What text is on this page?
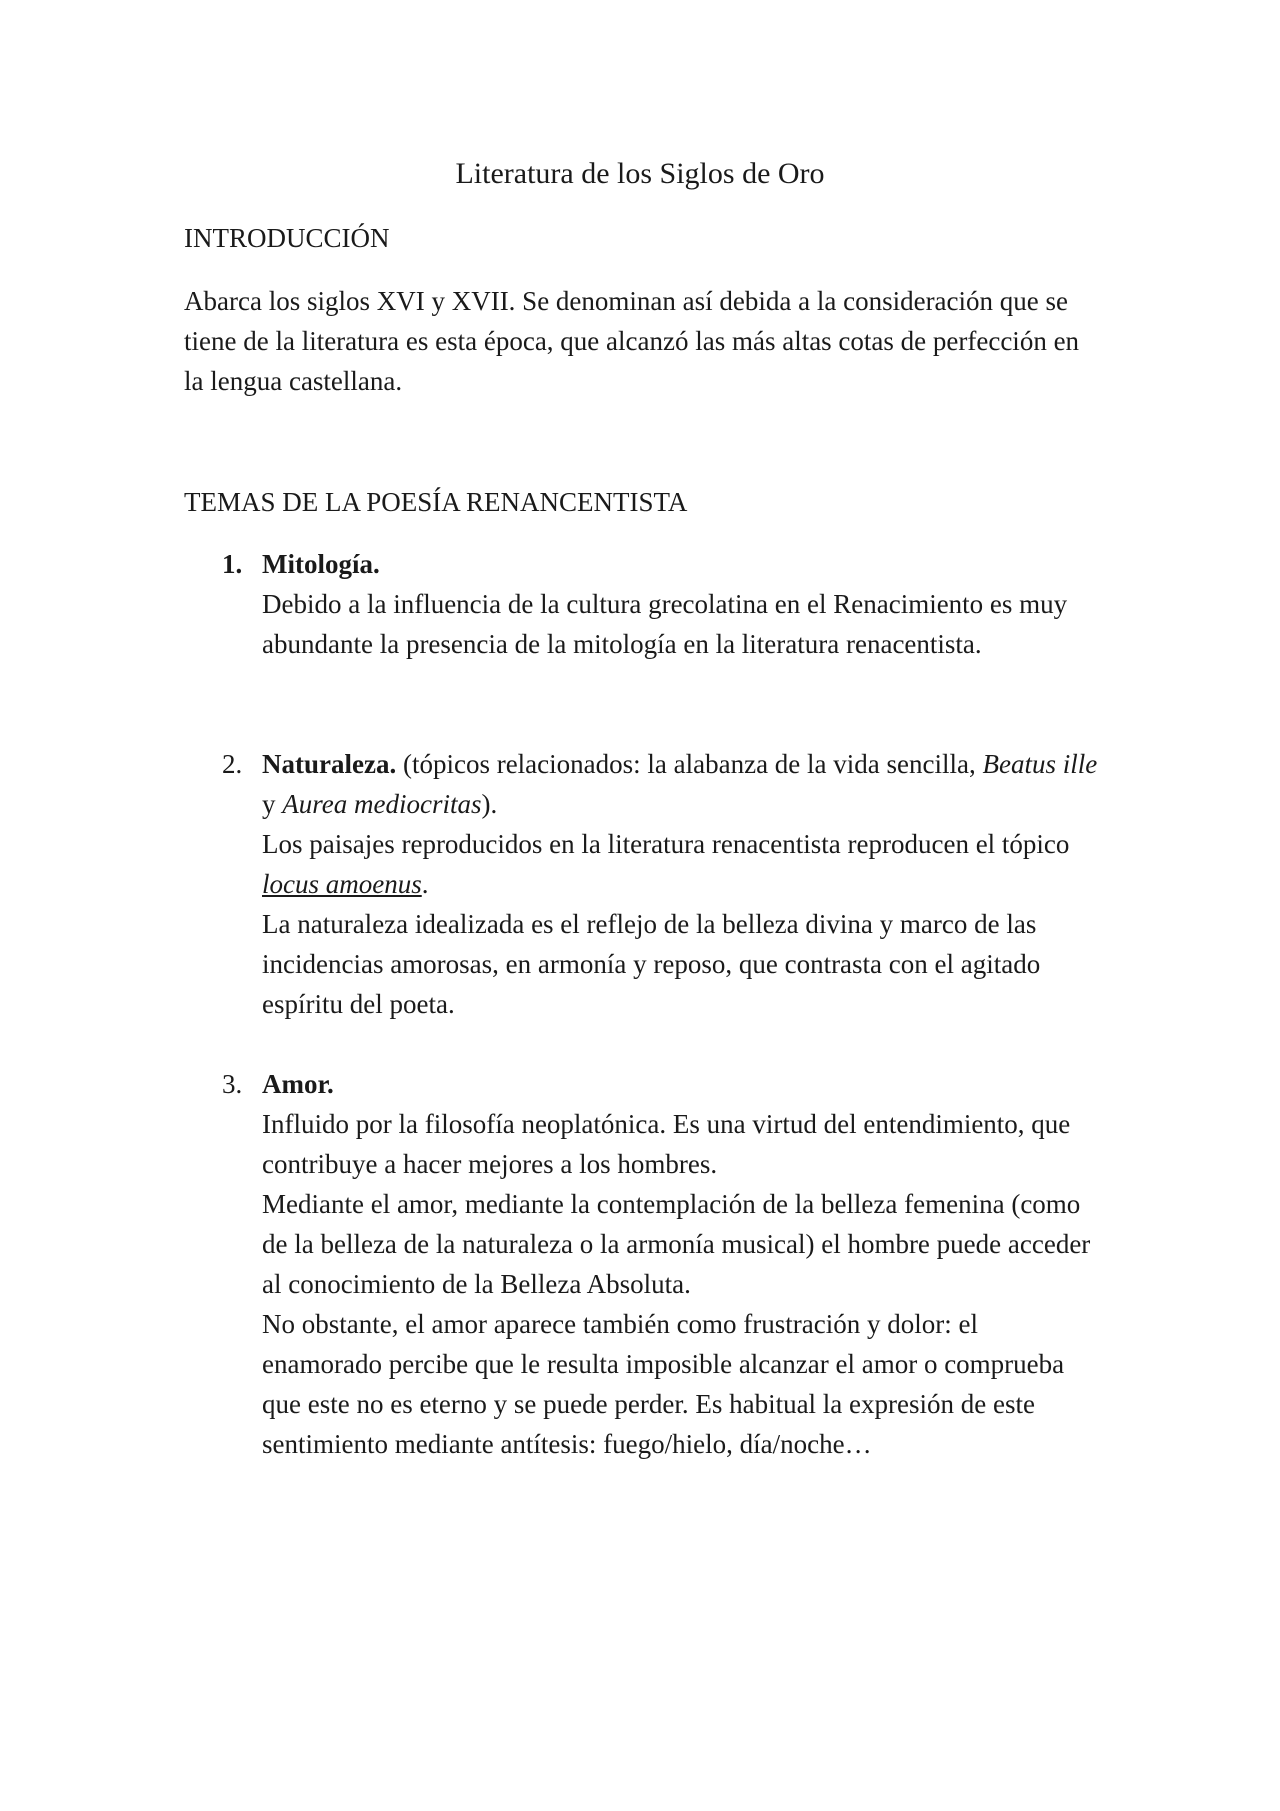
Literatura de los Siglos de Oro
INTRODUCCIÓN

Abarca los siglos XVI y XVII. Se denominan así debida a la consideración que se tiene de la literatura es esta época, que alcanzó las más altas cotas de perfección en la lengua castellana.

TEMAS DE LA POESÍA RENANCENTISTA
1. Mitología.

Debido a la influencia de la cultura grecolatina en el Renacimiento es muy abundante la presencia de la mitología en la literatura renacentista.

2. Naturaleza. (tópicos relacionados: la alabanza de la vida sencilla, Beatus ille y Aurea mediocritas).

Los paisajes reproducidos en la literatura renacentista reproducen el tópico locus amoenus.

La naturaleza idealizada es el reflejo de la belleza divina y marco de las incidencias amorosas, en armonía y reposo, que contrasta con el agitado espíritu del poeta.

3. Amor.

Influido por la filosofía neoplatónica. Es una virtud del entendimiento, que contribuye a hacer mejores a los hombres.

Mediante el amor, mediante la contemplación de la belleza femenina (como de la belleza de la naturaleza o la armonía musical) el hombre puede acceder al conocimiento de la Belleza Absoluta.

No obstante, el amor aparece también como frustración y dolor: el enamorado percibe que le resulta imposible alcanzar el amor o comprueba que este no es eterno y se puede perder. Es habitual la expresión de este sentimiento mediante antítesis: fuego/hielo, día/noche…
